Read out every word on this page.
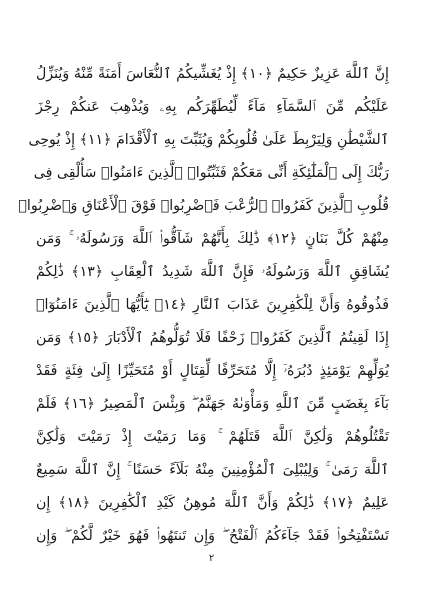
إِنَّ ٱللَّهَ عَزِيزٌ حَكِيمٌ ﴿١٠﴾ إِذْ يُغَشِّيكُمُ ٱلنُّعَاسَ أَمَنَةً مِّنْهُ وَيُنَزِّلُ
عَلَيْكُم مِّنَ ٱلسَّمَآءِ مَآءً لِّيُطَهِّرَكُم بِهِۦ وَيُذْهِبَ عَنكُمْ رِجْزَ
ٱلشَّيْطَٰنِ وَلِيَرْبِطَ عَلَىٰ قُلُوبِكُمْ وَيُثَبِّتَ بِهِ ٱلْأَقْدَامَ ﴿١١﴾ إِذْ يُوحِى
رَبُّكَ إِلَى ٱلْمَلَٰٓئِكَةِ أَنِّى مَعَكُمْ فَثَبِّتُوا۟ ٱلَّذِينَ ءَامَنُوا۟ سَأُلْقِى فِى
قُلُوبِ ٱلَّذِينَ كَفَرُوا۟ ٱلرُّعْبَ فَٱضْرِبُوا۟ فَوْقَ ٱلْأَعْنَاقِ وَٱضْرِبُوا۟
مِنْهُمْ كُلَّ بَنَانٍ ﴿١٢﴾ ذَٰلِكَ بِأَنَّهُمْ شَآقُّوا۟ ٱللَّهَ وَرَسُولَهُۥ ۚ وَمَن
يُشَاقِقِ ٱللَّهَ وَرَسُولَهُۥ فَإِنَّ ٱللَّهَ شَدِيدُ ٱلْعِقَابِ ﴿١٣﴾ ذَٰلِكُمْ
فَذُوقُوهُ وَأَنَّ لِلْكَٰفِرِينَ عَذَابَ ٱلنَّارِ ﴿١٤﴾ يَٰٓأَيُّهَا ٱلَّذِينَ ءَامَنُوٓا۟
إِذَا لَقِيتُمُ ٱلَّذِينَ كَفَرُوا۟ زَحْفًا فَلَا تُوَلُّوهُمُ ٱلْأَدْبَارَ ﴿١٥﴾ وَمَن
يُوَلِّهِمْ يَوْمَئِذٍ دُبُرَهُۥٓ إِلَّا مُتَحَرِّفًا لِّقِتَالٍ أَوْ مُتَحَيِّزًا إِلَىٰ فِئَةٍ فَقَدْ
بَآءَ بِغَضَبٍ مِّنَ ٱللَّهِ وَمَأْوَىٰهُ جَهَنَّمُ ۖ وَبِئْسَ ٱلْمَصِيرُ ﴿١٦﴾ فَلَمْ
تَقْتُلُوهُمْ وَلَٰكِنَّ ٱللَّهَ قَتَلَهُمْ ۚ وَمَا رَمَيْتَ إِذْ رَمَيْتَ وَلَٰكِنَّ
ٱللَّهَ رَمَىٰ ۚ وَلِيُبْلِىَ ٱلْمُؤْمِنِينَ مِنْهُ بَلَآءً حَسَنًا ۚ إِنَّ ٱللَّهَ سَمِيعٌ
عَلِيمٌ ﴿١٧﴾ ذَٰلِكُمْ وَأَنَّ ٱللَّهَ مُوهِنُ كَيْدِ ٱلْكَٰفِرِينَ ﴿١٨﴾ إِن
تَسْتَفْتِحُوا۟ فَقَدْ جَآءَكُمُ ٱلْفَتْحُ ۖ وَإِن تَنتَهُوا۟ فَهُوَ خَيْرٌ لَّكُمْ ۖ وَإِن
٢
